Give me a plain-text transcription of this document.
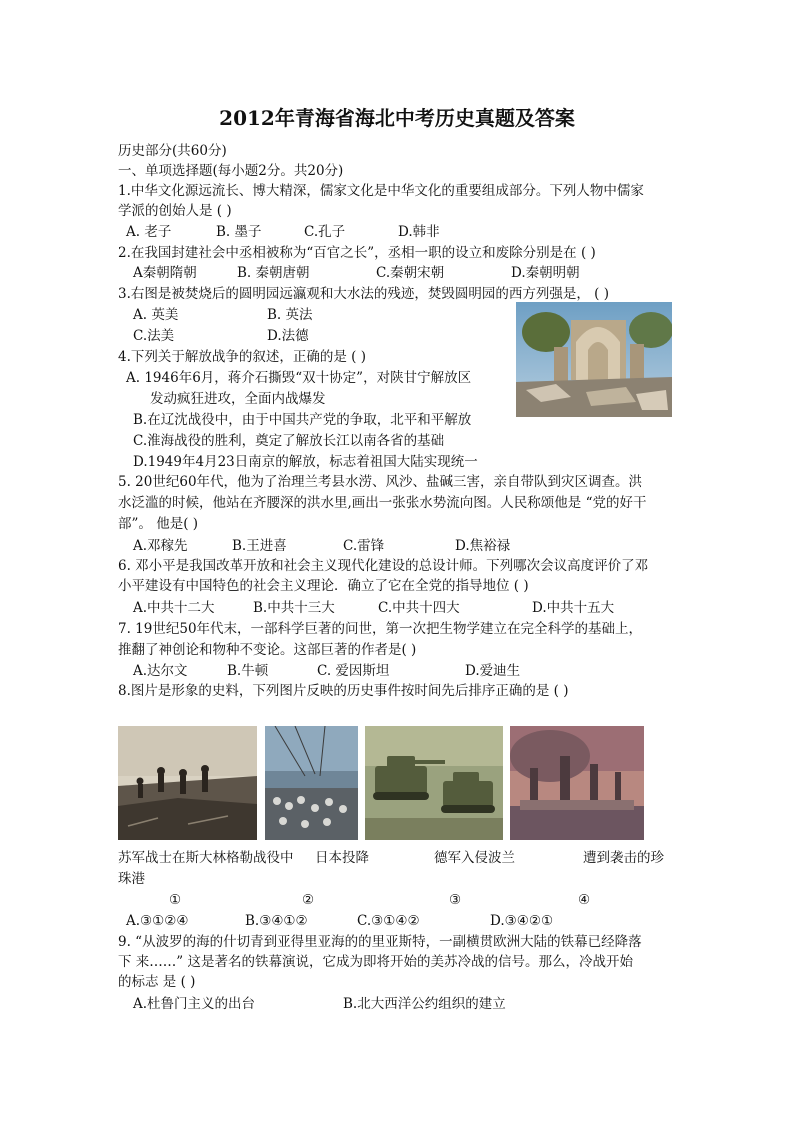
2012年青海省海北中考历史真题及答案
历史部分(共60分)
一、单项选择题(每小题2分。共20分)
1.中华文化源远流长、博大精深，儒家文化是中华文化的重要组成部分。下列人物中儒家
学派的创始人是 ( )
A. 老子	B. 墨子	C.孔子	D.韩非
2.在我国封建社会中丞相被称为“百官之长”，丞相一职的设立和废除分别是在 ( )
A秦朝隋朝	B. 秦朝唐朝	C.秦朝宋朝	D.秦朝明朝
3.右图是被焚烧后的圆明园远瀛观和大水法的残迹，焚毁圆明园的西方列强是， ( )
A. 英美	B. 英法
C.法美	D.法德
4.下列关于解放战争的叙述，正确的是 ( )
A. 1946年6月，蒋介石撕毁“双十协定”，对陕甘宁解放区
发动疯狂进攻，全面内战爆发
B.在辽沈战役中，由于中国共产党的争取，北平和平解放
C.淮海战役的胜利，奠定了解放长江以南各省的基础
D.1949年4月23日南京的解放，标志着祖国大陆实现统一
5. 20世纪60年代，他为了治理兰考县水涝、风沙、盐碱三害，亲自带队到灾区调查。洪
水泛滥的时候，他站在齐腰深的洪水里,画出一张张水势流向图。人民称颂他是 “党的好干
部”。 他是( )
A.邓稼先	B.王进喜	C.雷锋	D.焦裕禄
6. 邓小平是我国改革开放和社会主义现代化建设的总设计师。下列哪次会议高度评价了邓
小平建设有中国特色的社会主义理论．确立了它在全党的指导地位 ( )
A.中共十二大	B.中共十三大	C.中共十四大	D.中共十五大
7. 19世纪50年代末，一部科学巨著的问世，第一次把生物学建立在完全科学的基础上，
推翻了神创论和物种不变论。这部巨著的作者是( )
A.达尔文	B.牛顿	C. 爱因斯坦	D.爱迪生
8.图片是形象的史料，下列图片反映的历史事件按时间先后排序正确的是 ( )
苏军战士在斯大林格勒战役中 日本投降	德军入侵波兰	遭到袭击的珍
珠港
①	②	③	④
A.③①②④	B.③④①②	C.③①④②	D.③④②①
9. “从波罗的海的什切青到亚得里亚海的的里亚斯特，一副横贯欧洲大陆的铁幕已经降落
下 来……” 这是著名的铁幕演说，它成为即将开始的美苏冷战的信号。那么，冷战开始
的标志 是 ( )
A.杜鲁门主义的出台	B.北大西洋公约组织的建立
